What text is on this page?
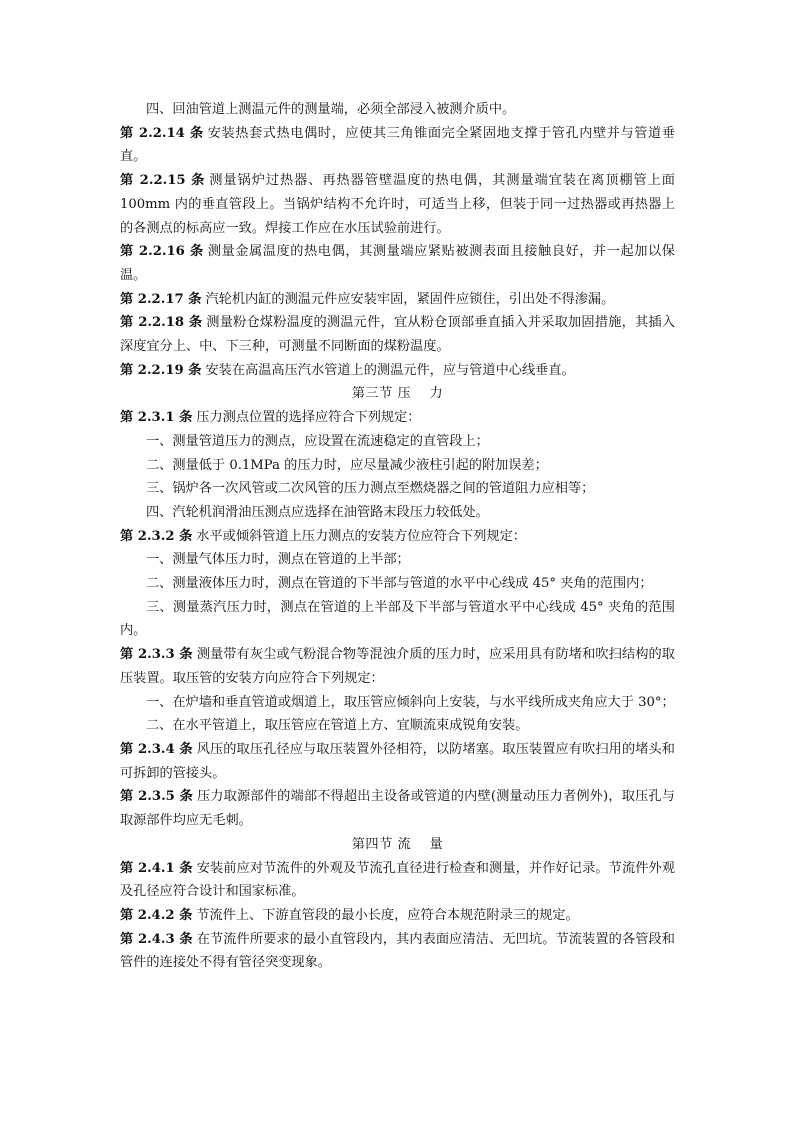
四、回油管道上测温元件的测量端，必须全部浸入被测介质中。

第 2.2.14 条 安装热套式热电偶时，应使其三角锥面完全紧固地支撑于管孔内壁并与管道垂直。

第 2.2.15 条 测量锅炉过热器、再热器管壁温度的热电偶，其测量端宜装在离顶棚管上面 100mm 内的垂直管段上。当锅炉结构不允许时，可适当上移，但装于同一过热器或再热器上的各测点的标高应一致。焊接工作应在水压试验前进行。

第 2.2.16 条 测量金属温度的热电偶，其测量端应紧贴被测表面且接触良好，并一起加以保温。

第 2.2.17 条 汽轮机内缸的测温元件应安装牢固，紧固件应锁住，引出处不得渗漏。

第 2.2.18 条 测量粉仓煤粉温度的测温元件，宜从粉仓顶部垂直插入并采取加固措施，其插入深度宜分上、中、下三种，可测量不同断面的煤粉温度。

第 2.2.19 条 安装在高温高压汽水管道上的测温元件，应与管道中心线垂直。

第三节 压　 力

第 2.3.1 条 压力测点位置的选择应符合下列规定：

一、测量管道压力的测点，应设置在流速稳定的直管段上；

二、测量低于 0.1MPa 的压力时，应尽量减少液柱引起的附加误差；

三、锅炉各一次风管或二次风管的压力测点至燃烧器之间的管道阻力应相等；

四、汽轮机润滑油压测点应选择在油管路末段压力较低处。

第 2.3.2 条 水平或倾斜管道上压力测点的安装方位应符合下列规定：

一、测量气体压力时，测点在管道的上半部；

二、测量液体压力时，测点在管道的下半部与管道的水平中心线成 45° 夹角的范围内；

三、测量蒸汽压力时，测点在管道的上半部及下半部与管道水平中心线成 45° 夹角的范围内。

第 2.3.3 条 测量带有灰尘或气粉混合物等混浊介质的压力时，应采用具有防堵和吹扫结构的取压装置。取压管的安装方向应符合下列规定：

一、在炉墙和垂直管道或烟道上，取压管应倾斜向上安装，与水平线所成夹角应大于 30°；

二、在水平管道上，取压管应在管道上方、宜顺流束成锐角安装。

第 2.3.4 条 风压的取压孔径应与取压装置外径相符，以防堵塞。取压装置应有吹扫用的堵头和可拆卸的管接头。

第 2.3.5 条 压力取源部件的端部不得超出主设备或管道的内壁(测量动压力者例外)，取压孔与取源部件均应无毛刺。

第四节 流　 量

第 2.4.1 条 安装前应对节流件的外观及节流孔直径进行检查和测量，并作好记录。节流件外观及孔径应符合设计和国家标准。

第 2.4.2 条 节流件上、下游直管段的最小长度，应符合本规范附录三的规定。

第 2.4.3 条 在节流件所要求的最小直管段内，其内表面应清洁、无凹坑。节流装置的各管段和管件的连接处不得有管径突变现象。
